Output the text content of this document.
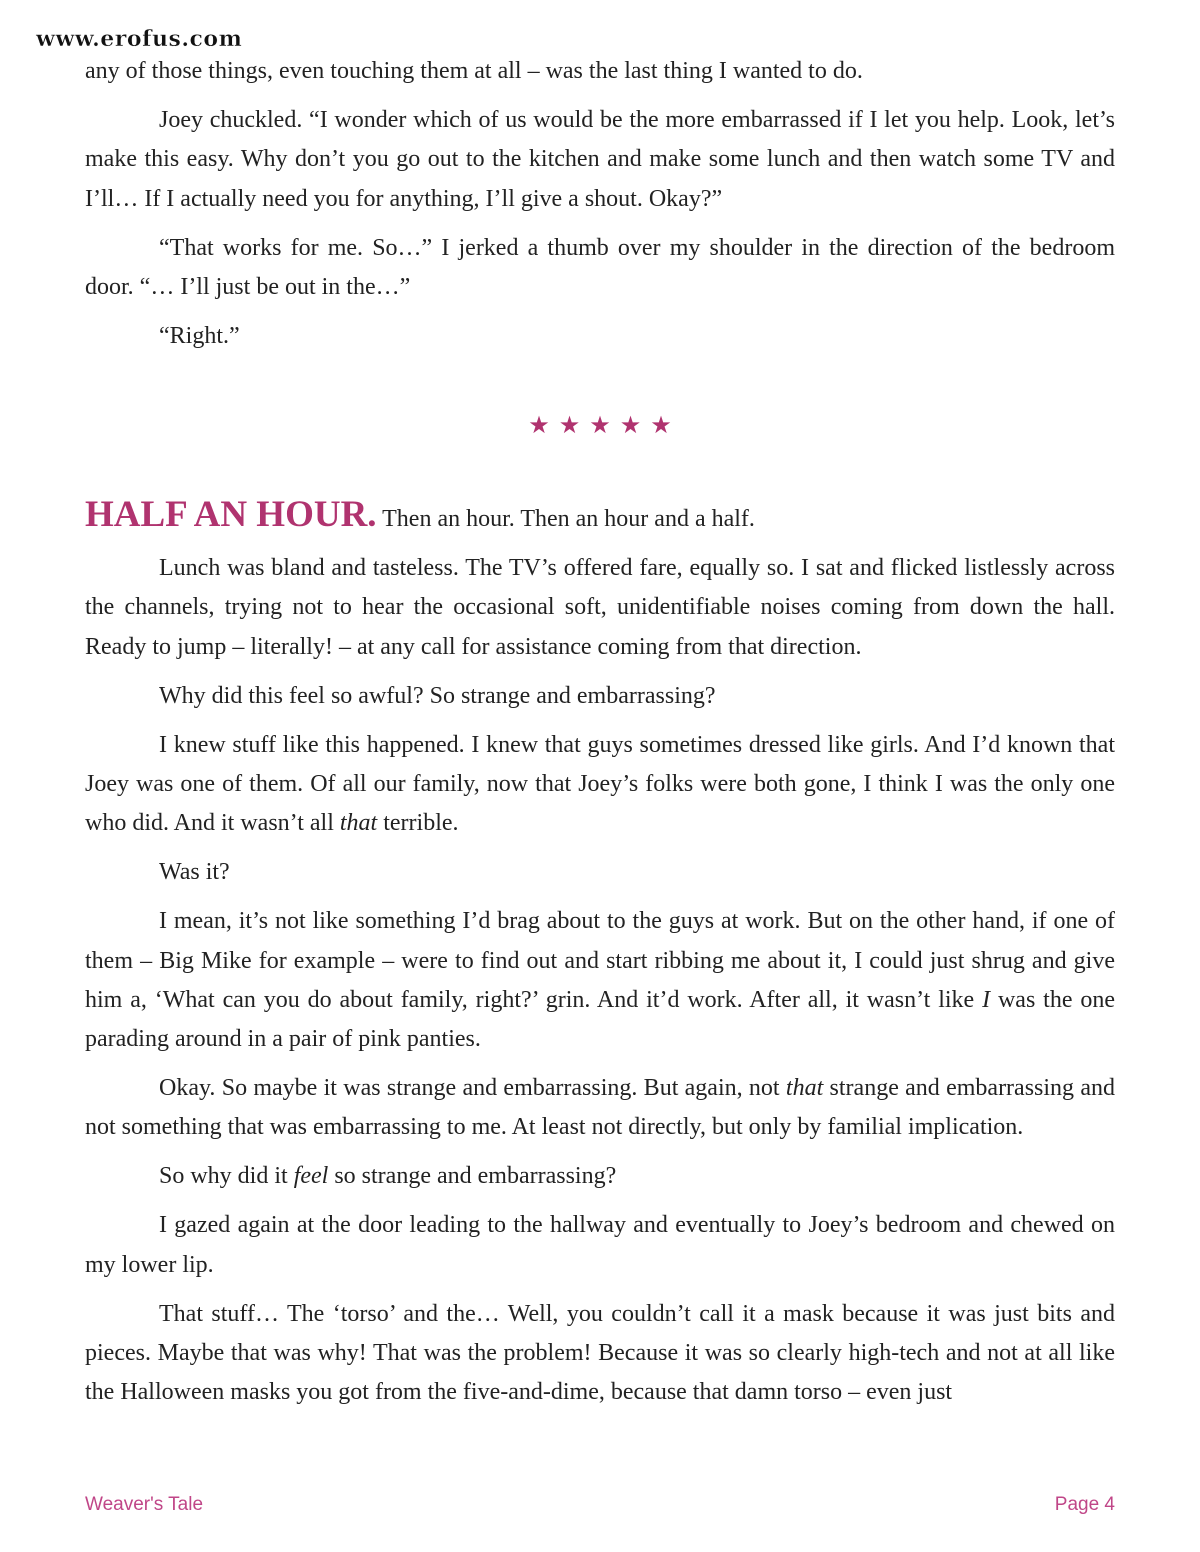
www.erofus.com

any of those things, even touching them at all – was the last thing I wanted to do.

Joey chuckled. “I wonder which of us would be the more embarrassed if I let you help. Look, let’s make this easy. Why don’t you go out to the kitchen and make some lunch and then watch some TV and I’ll… If I actually need you for anything, I’ll give a shout. Okay?”

“That works for me. So…” I jerked a thumb over my shoulder in the direction of the bedroom door. “… I’ll just be out in the…”

“Right.”

★★★★★

HALF AN HOUR. Then an hour. Then an hour and a half.

Lunch was bland and tasteless. The TV’s offered fare, equally so. I sat and flicked listlessly across the channels, trying not to hear the occasional soft, unidentifiable noises coming from down the hall. Ready to jump – literally! – at any call for assistance coming from that direction.

Why did this feel so awful? So strange and embarrassing?

I knew stuff like this happened. I knew that guys sometimes dressed like girls. And I’d known that Joey was one of them. Of all our family, now that Joey’s folks were both gone, I think I was the only one who did. And it wasn’t all that terrible.

Was it?

I mean, it’s not like something I’d brag about to the guys at work. But on the other hand, if one of them – Big Mike for example – were to find out and start ribbing me about it, I could just shrug and give him a, ‘What can you do about family, right?’ grin. And it’d work. After all, it wasn’t like I was the one parading around in a pair of pink panties.

Okay. So maybe it was strange and embarrassing. But again, not that strange and embarrassing and not something that was embarrassing to me. At least not directly, but only by familial implication.

So why did it feel so strange and embarrassing?

I gazed again at the door leading to the hallway and eventually to Joey’s bedroom and chewed on my lower lip.

That stuff… The ‘torso’ and the… Well, you couldn’t call it a mask because it was just bits and pieces. Maybe that was why! That was the problem! Because it was so clearly high-tech and not at all like the Halloween masks you got from the five-and-dime, because that damn torso – even just

Weaver's Tale	Page 4
